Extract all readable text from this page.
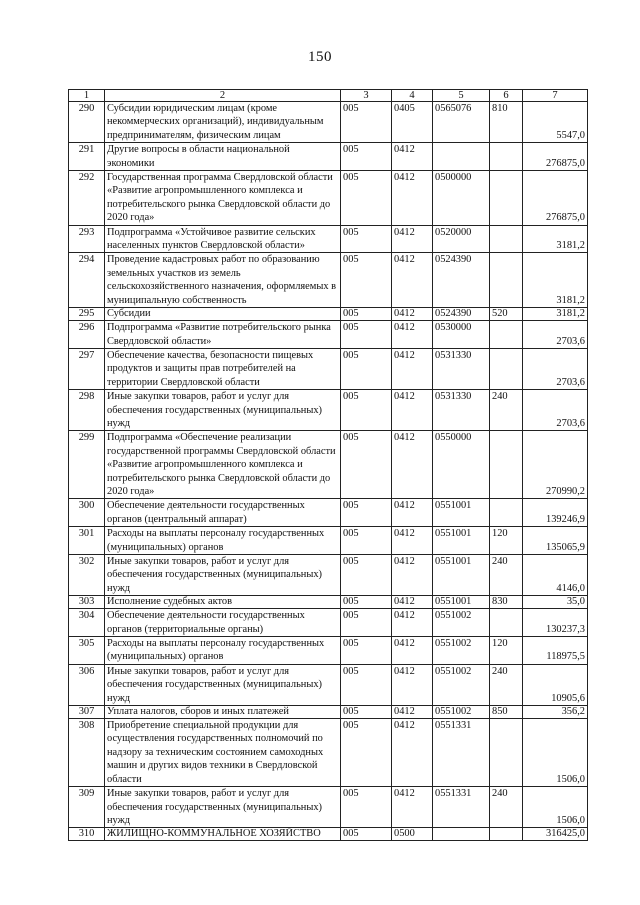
150
1	2	3	4	5	6	7
290	Субсидии юридическим лицам (кроме некоммерческих организаций), индивидуальным предпринимателям, физическим лицам	005	0405	0565076	810	5547,0
291	Другие вопросы в области национальной экономики	005	0412			276875,0
292	Государственная программа Свердловской области «Развитие агропромышленного комплекса и потребительского рынка Свердловской области до 2020 года»	005	0412	0500000		276875,0
293	Подпрограмма «Устойчивое развитие сельских населенных пунктов Свердловской области»	005	0412	0520000		3181,2
294	Проведение кадастровых работ по образованию земельных участков из земель сельскохозяйственного назначения, оформляемых в муниципальную собственность	005	0412	0524390		3181,2
295	Субсидии	005	0412	0524390	520	3181,2
296	Подпрограмма «Развитие потребительского рынка Свердловской области»	005	0412	0530000		2703,6
297	Обеспечение качества, безопасности пищевых продуктов и защиты прав потребителей на территории Свердловской области	005	0412	0531330		2703,6
298	Иные закупки товаров, работ и услуг для обеспечения государственных (муниципальных) нужд	005	0412	0531330	240	2703,6
299	Подпрограмма «Обеспечение реализации государственной программы Свердловской области «Развитие агропромышленного комплекса и потребительского рынка Свердловской области до 2020 года»	005	0412	0550000		270990,2
300	Обеспечение деятельности государственных органов (центральный аппарат)	005	0412	0551001		139246,9
301	Расходы на выплаты персоналу государственных (муниципальных) органов	005	0412	0551001	120	135065,9
302	Иные закупки товаров, работ и услуг для обеспечения государственных (муниципальных) нужд	005	0412	0551001	240	4146,0
303	Исполнение судебных актов	005	0412	0551001	830	35,0
304	Обеспечение деятельности государственных органов (территориальные органы)	005	0412	0551002		130237,3
305	Расходы на выплаты персоналу государственных (муниципальных) органов	005	0412	0551002	120	118975,5
306	Иные закупки товаров, работ и услуг для обеспечения государственных (муниципальных) нужд	005	0412	0551002	240	10905,6
307	Уплата налогов, сборов и иных платежей	005	0412	0551002	850	356,2
308	Приобретение специальной продукции для осуществления государственных полномочий по надзору за техническим состоянием самоходных машин и других видов техники в Свердловской области	005	0412	0551331		1506,0
309	Иные закупки товаров, работ и услуг для обеспечения государственных (муниципальных) нужд	005	0412	0551331	240	1506,0
310	ЖИЛИЩНО-КОММУНАЛЬНОЕ ХОЗЯЙСТВО	005	0500			316425,0
